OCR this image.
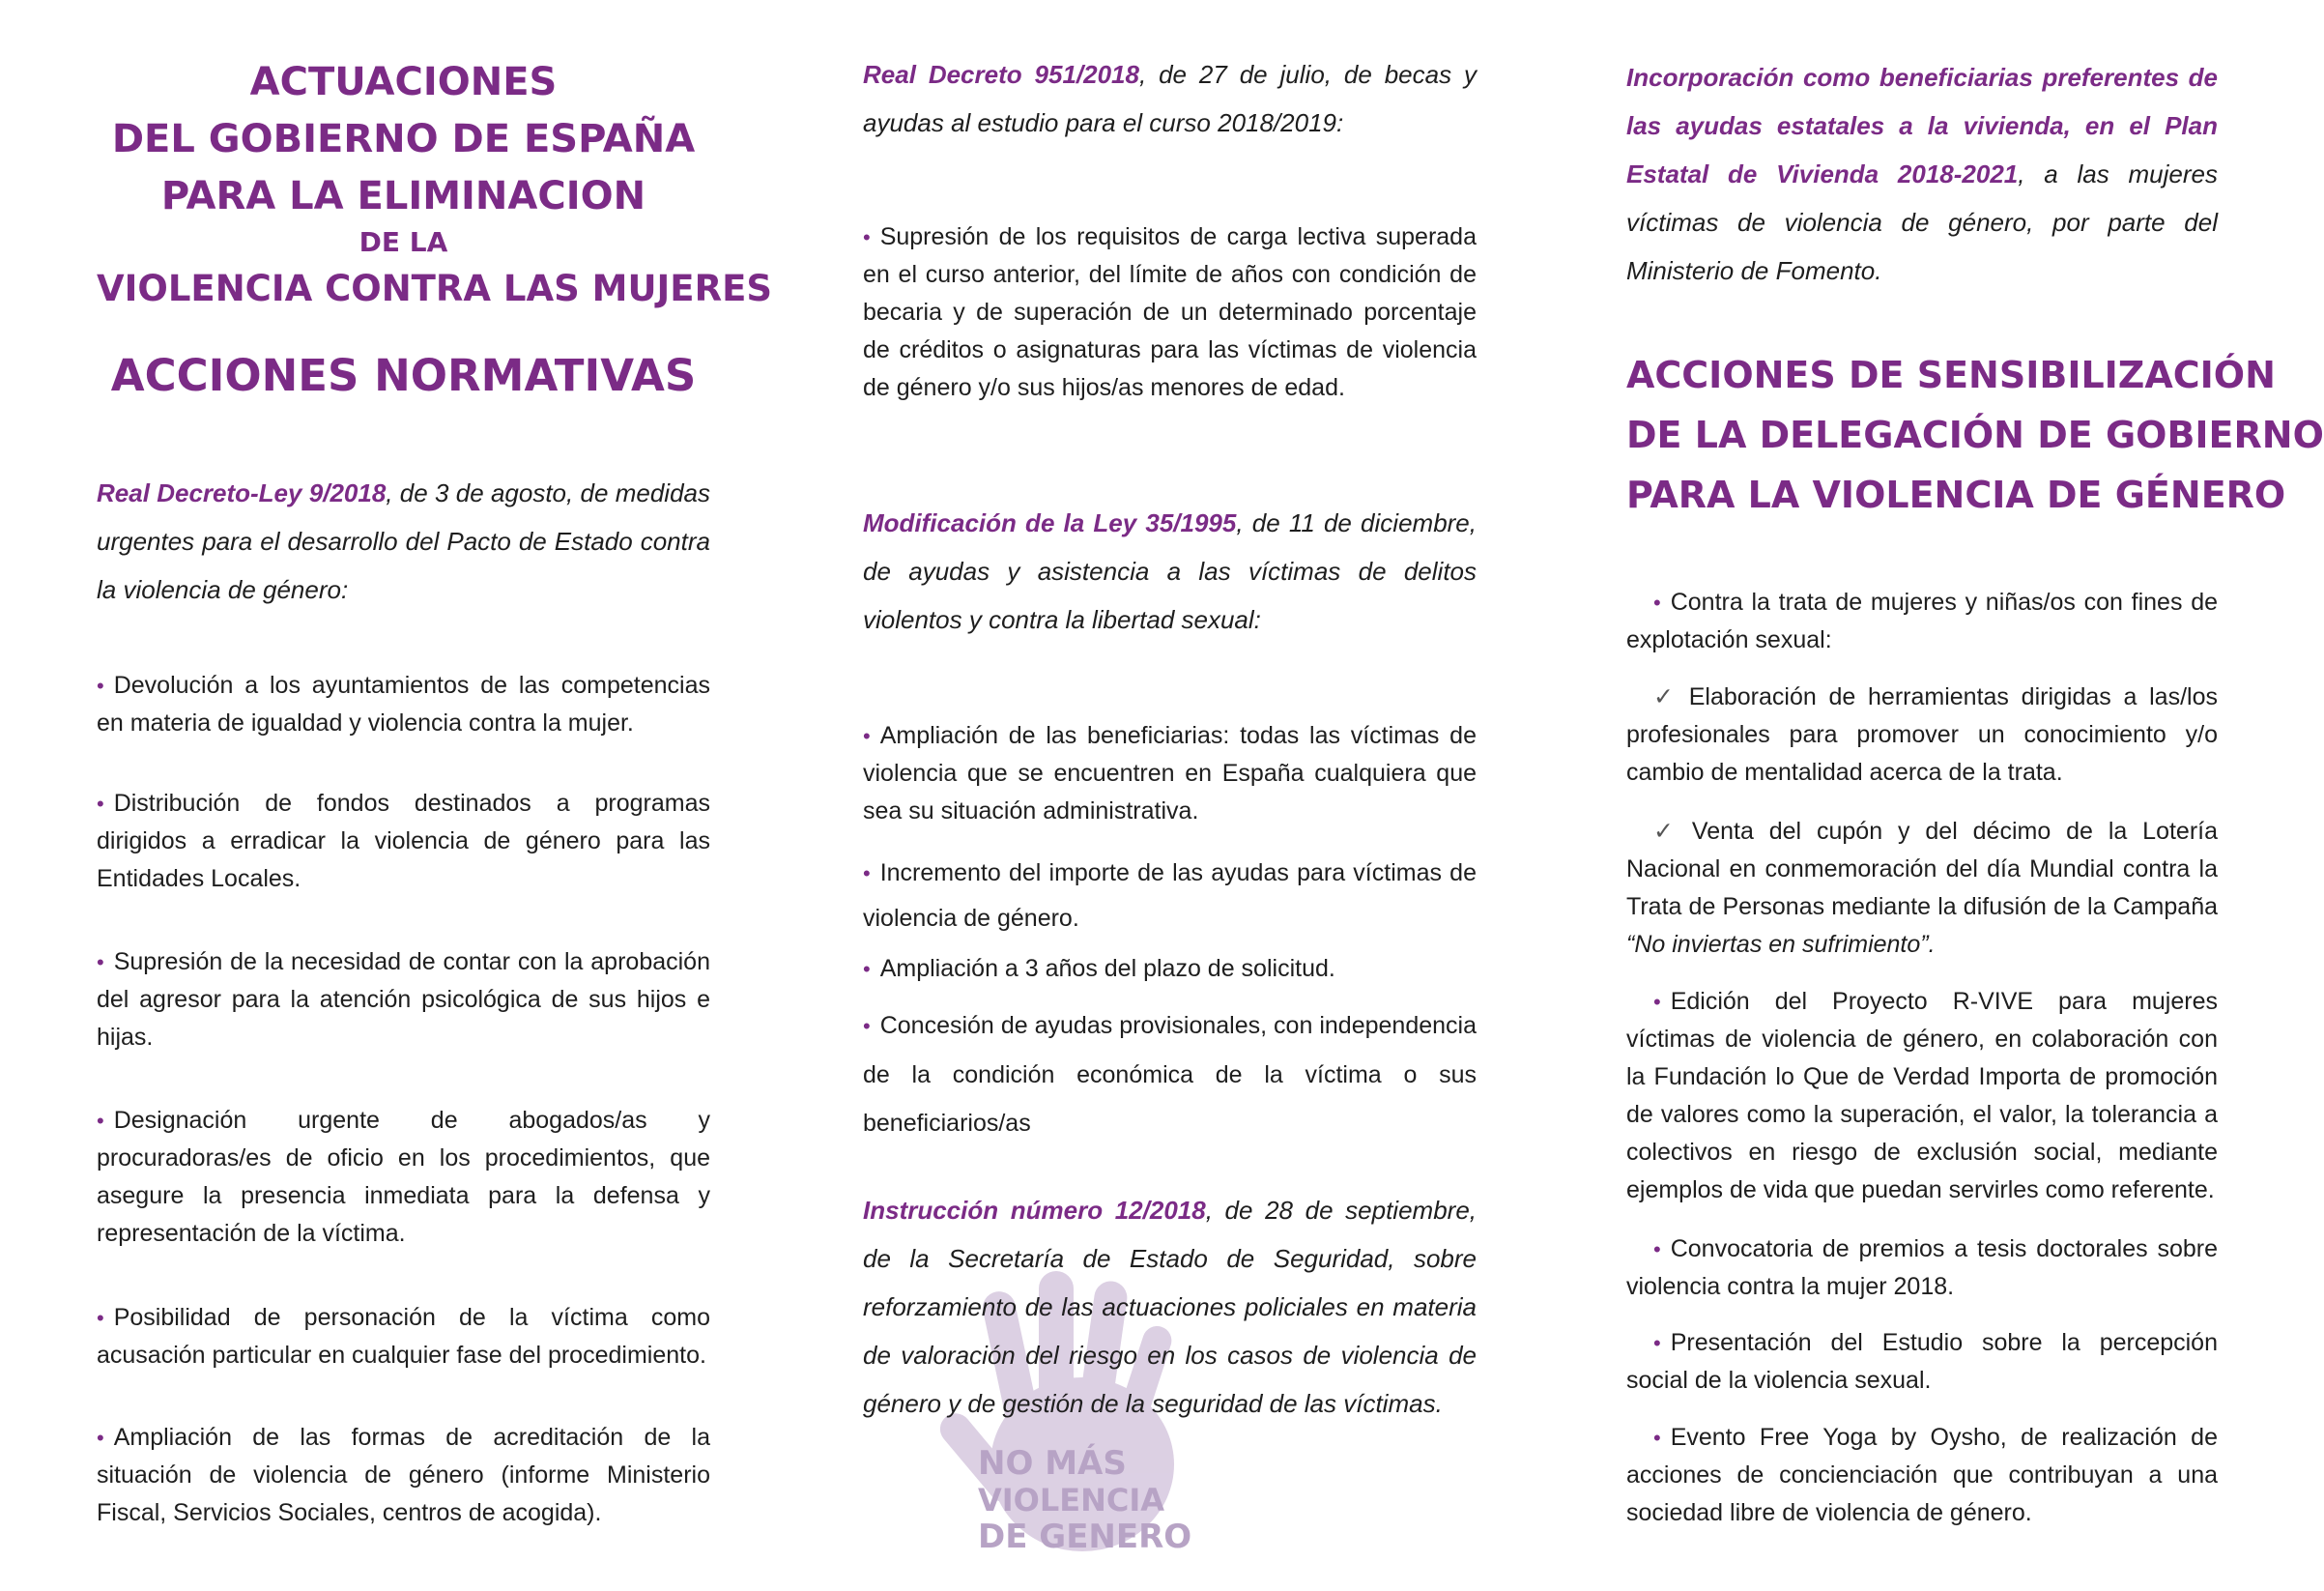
ACTUACIONES
DEL GOBIERNO DE ESPAÑA
PARA LA ELIMINACION
DE LA
VIOLENCIA CONTRA LAS MUJERES
ACCIONES NORMATIVAS
Real Decreto-Ley 9/2018, de 3 de agosto, de medidas urgentes para el desarrollo del Pacto de Estado contra la violencia de género:
• Devolución a los ayuntamientos de las competencias en materia de igualdad y violencia contra la mujer.
• Distribución de fondos destinados a programas dirigidos a erradicar la violencia de género para las Entidades Locales.
• Supresión de la necesidad de contar con la aprobación del agresor para la atención psicológica de sus hijos e hijas.
• Designación urgente de abogados/as y procuradoras/es de oficio en los procedimientos, que asegure la presencia inmediata para la defensa y representación de la víctima.
• Posibilidad de personación de la víctima como acusación particular en cualquier fase del procedimiento.
• Ampliación de las formas de acreditación de la situación de violencia de género (informe Ministerio Fiscal, Servicios Sociales, centros de acogida).
NO MÁS
VIOLENCIA
DE GENERO
Real Decreto 951/2018, de 27 de julio, de becas y ayudas al estudio para el curso 2018/2019:
• Supresión de los requisitos de carga lectiva superada en el curso anterior, del límite de años con condición de becaria y de superación de un determinado porcentaje de créditos o asignaturas para las víctimas de violencia de género y/o sus hijos/as menores de edad.
Modificación de la Ley 35/1995, de 11 de diciembre, de ayudas y asistencia a las víctimas de delitos violentos y contra la libertad sexual:
• Ampliación de las beneficiarias: todas las víctimas de violencia que se encuentren en España cualquiera que sea su situación administrativa.
• Incremento del importe de las ayudas para víctimas de violencia de género.
• Ampliación a 3 años del plazo de solicitud.
• Concesión de ayudas provisionales, con independencia de la condición económica de la víctima o sus beneficiarios/as
Instrucción número 12/2018, de 28 de septiembre, de la Secretaría de Estado de Seguridad, sobre reforzamiento de las actuaciones policiales en materia de valoración del riesgo en los casos de violencia de género y de gestión de la seguridad de las víctimas.
Incorporación como beneficiarias preferentes de las ayudas estatales a la vivienda, en el Plan Estatal de Vivienda 2018-2021, a las mujeres víctimas de violencia de género, por parte del Ministerio de Fomento.
ACCIONES DE SENSIBILIZACIÓN
DE LA DELEGACIÓN DE GOBIERNO
PARA LA VIOLENCIA DE GÉNERO
• Contra la trata de mujeres y niñas/os con fines de explotación sexual:
✓ Elaboración de herramientas dirigidas a las/los profesionales para promover un conocimiento y/o cambio de mentalidad acerca de la trata.
✓ Venta del cupón y del décimo de la Lotería Nacional en conmemoración del día Mundial contra la Trata de Personas mediante la difusión de la Campaña “No inviertas en sufrimiento”.
• Edición del Proyecto R-VIVE para mujeres víctimas de violencia de género, en colaboración con la Fundación lo Que de Verdad Importa de promoción de valores como la superación, el valor, la tolerancia a colectivos en riesgo de exclusión social, mediante ejemplos de vida que puedan servirles como referente.
• Convocatoria de premios a tesis doctorales sobre violencia contra la mujer 2018.
• Presentación del Estudio sobre la percepción social de la violencia sexual.
• Evento Free Yoga by Oysho, de realización de acciones de concienciación que contribuyan a una sociedad libre de violencia de género.
